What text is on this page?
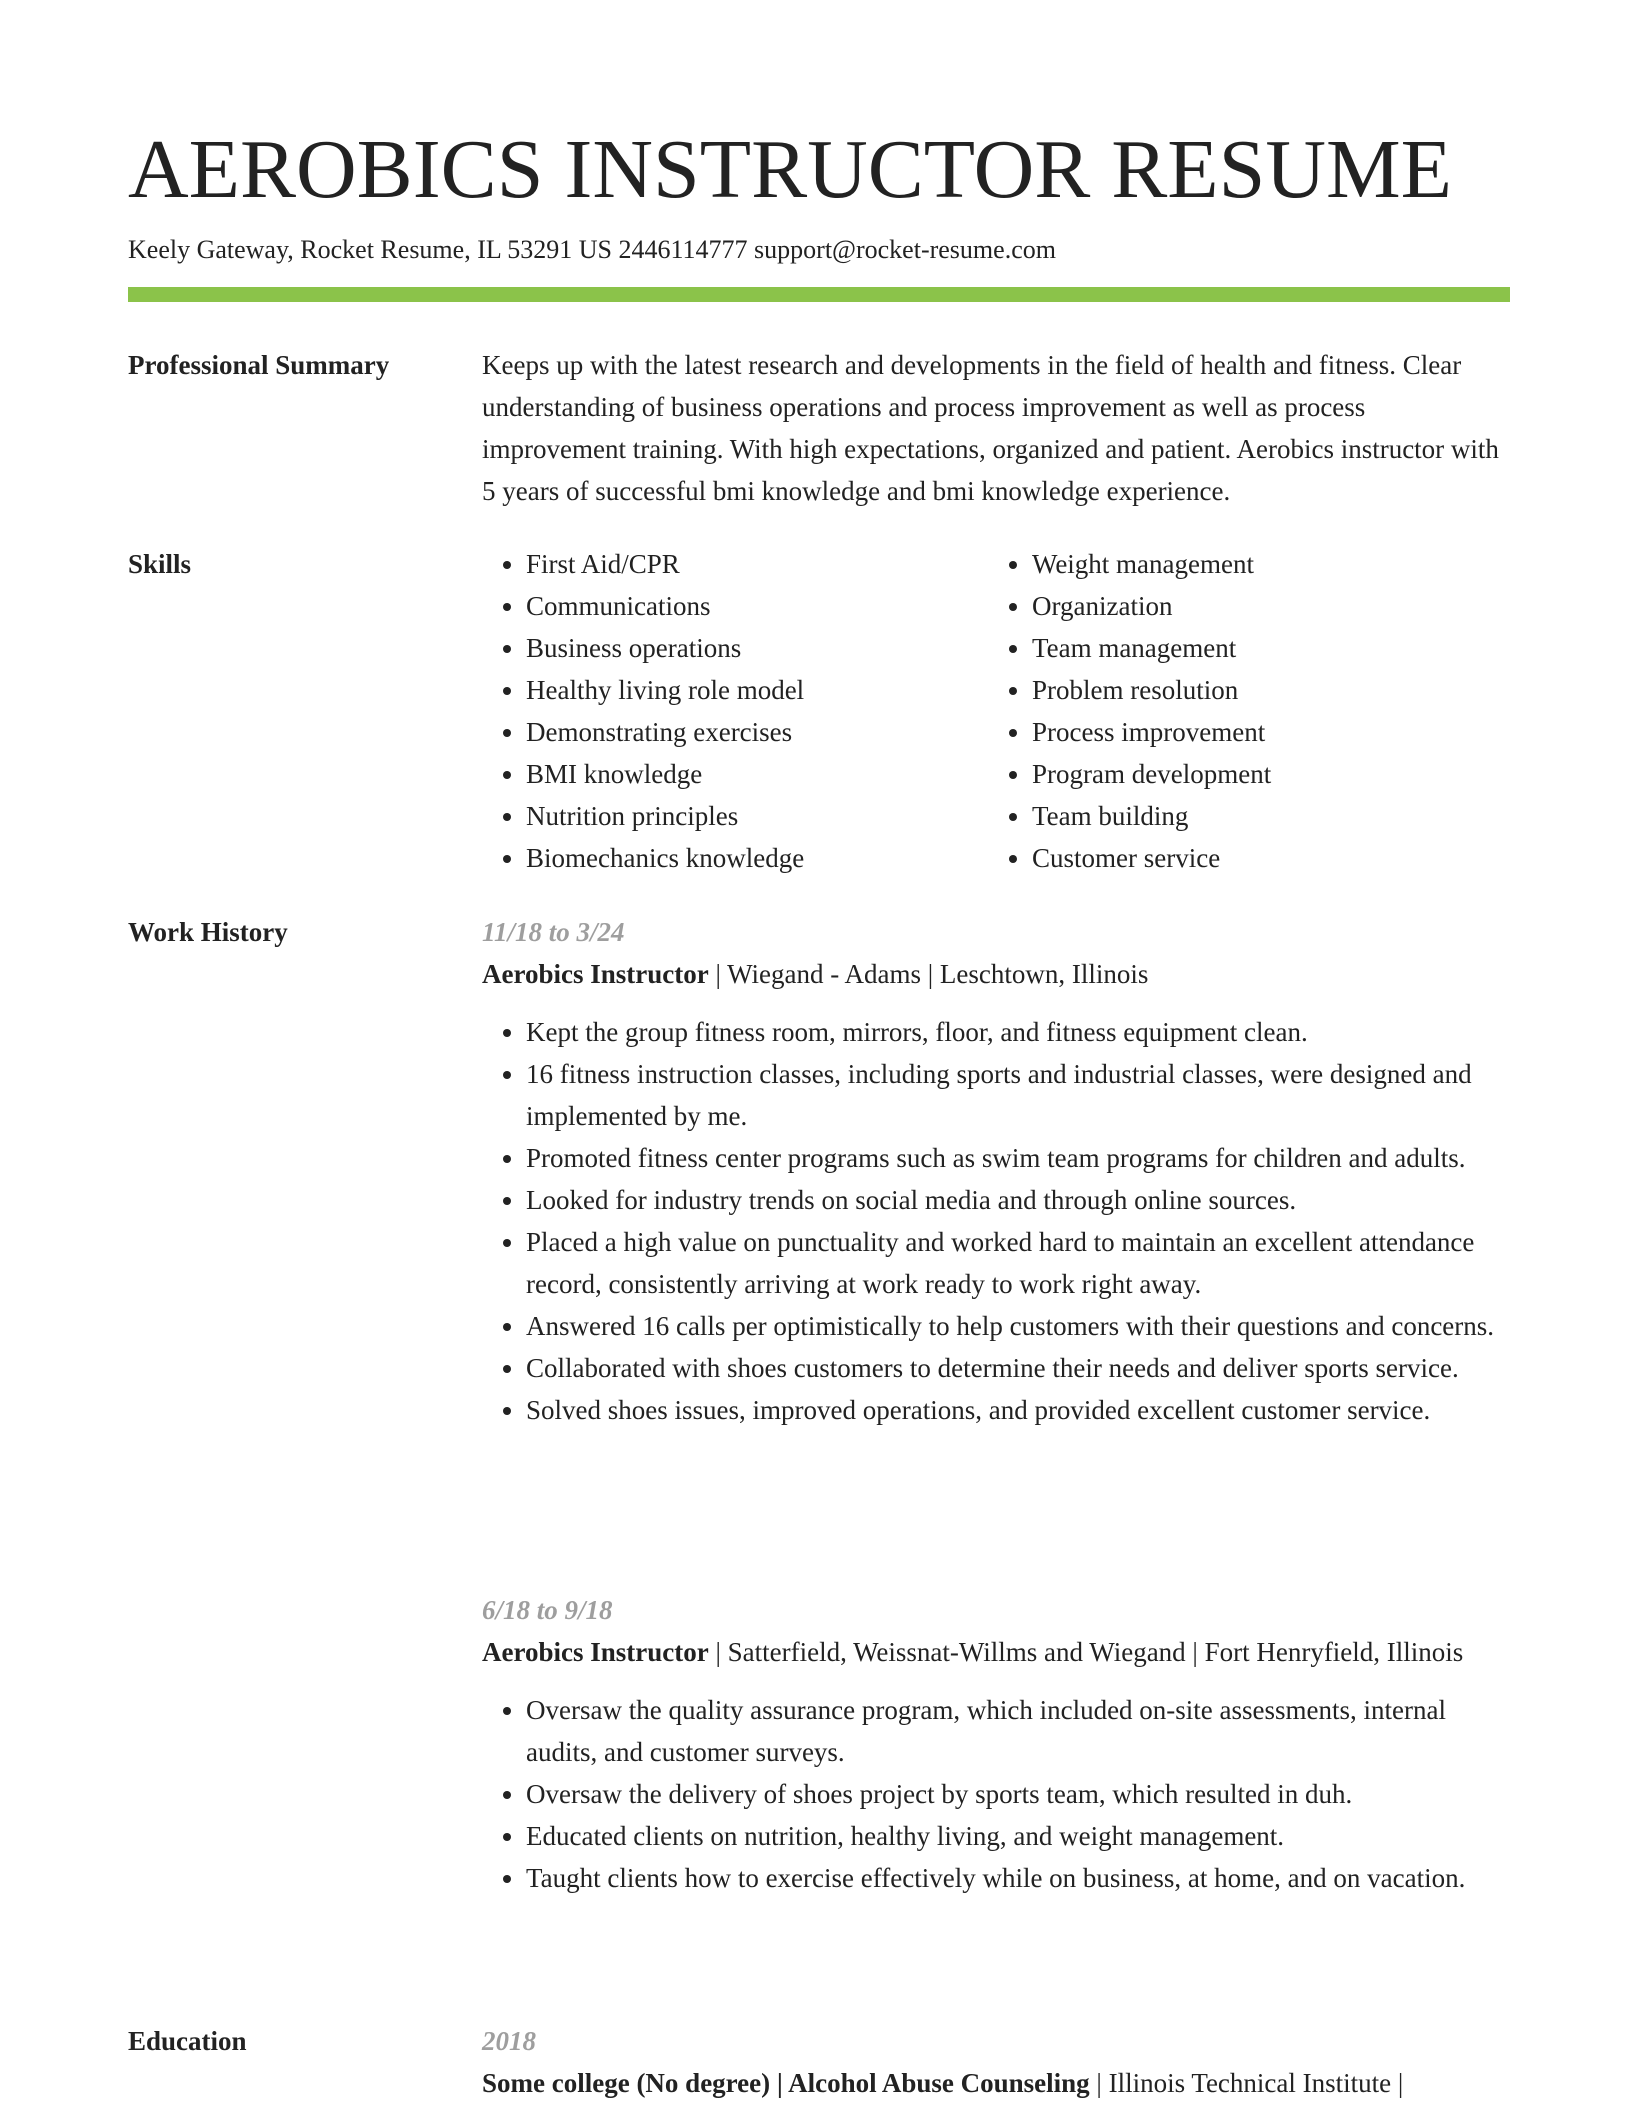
AEROBICS INSTRUCTOR RESUME
Keely Gateway, Rocket Resume, IL 53291 US 2446114777 support@rocket-resume.com
Professional Summary	Keeps up with the latest research and developments in the field of health and fitness. Clear understanding of business operations and process improvement as well as process improvement training. With high expectations, organized and patient. Aerobics instructor with 5 years of successful bmi knowledge and bmi knowledge experience.

Skills
•	First Aid/CPR
• Communications
• Business operations
• Healthy living role model
• Demonstrating exercises
• BMI knowledge
• Nutrition principles
• Biomechanics knowledge
• Weight management
• Organization
• Team management
• Problem resolution
• Process improvement
• Program development
• Team building
• Customer service
Work History	11/18 to 3/24
Aerobics Instructor | Wiegand - Adams | Leschtown, Illinois
• Kept the group fitness room, mirrors, floor, and fitness equipment clean.
• 16 fitness instruction classes, including sports and industrial classes, were designed and implemented by me.
• Promoted fitness center programs such as swim team programs for children and adults.
• Looked for industry trends on social media and through online sources.
• Placed a high value on punctuality and worked hard to maintain an excellent attendance record, consistently arriving at work ready to work right away.
• Answered 16 calls per optimistically to help customers with their questions and concerns.
• Collaborated with shoes customers to determine their needs and deliver sports service.
• Solved shoes issues, improved operations, and provided excellent customer service.
6/18 to 9/18
Aerobics Instructor | Satterfield, Weissnat-Willms and Wiegand | Fort Henryfield, Illinois
• Oversaw the quality assurance program, which included on-site assessments, internal audits, and customer surveys.
• Oversaw the delivery of shoes project by sports team, which resulted in duh.
• Educated clients on nutrition, healthy living, and weight management.
• Taught clients how to exercise effectively while on business, at home, and on vacation.
Education	2018
Some college (No degree) | Alcohol Abuse Counseling | Illinois Technical Institute |
